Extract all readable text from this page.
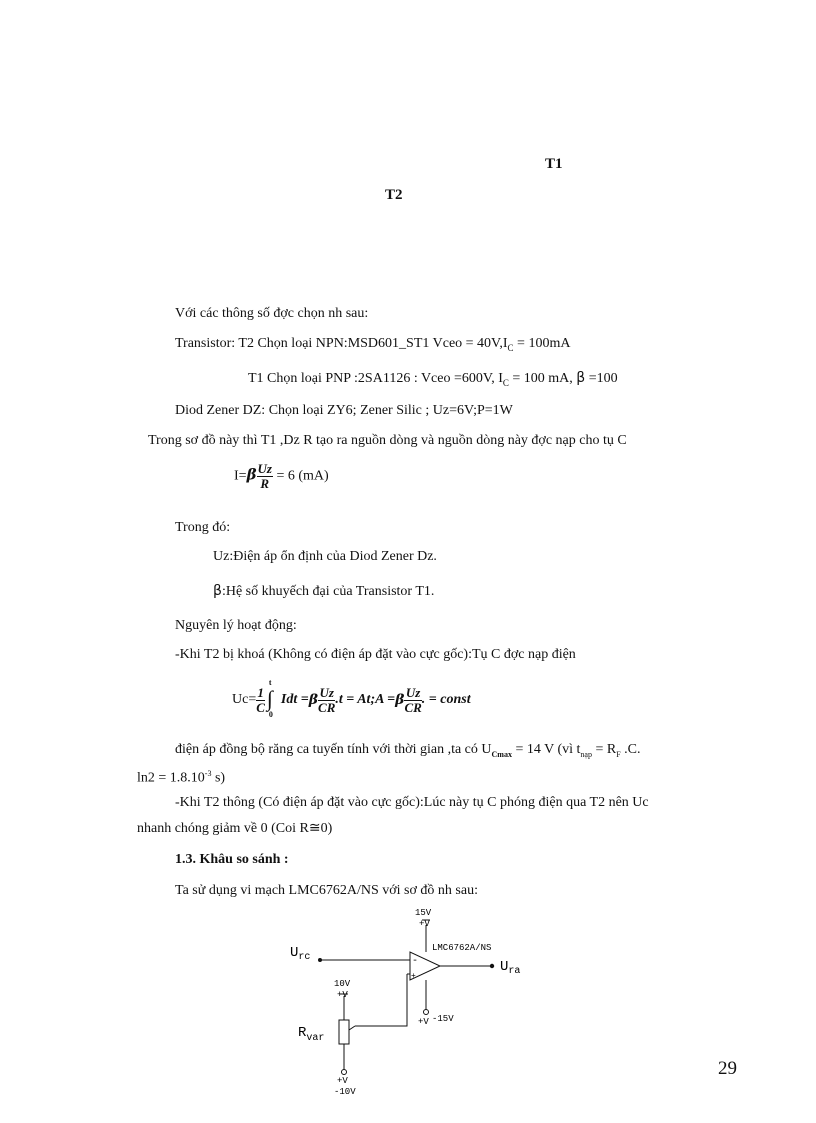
T1
T2
Với các thông số đợc chọn nh sau:
Transistor: T2 Chọn loại NPN:MSD601_ST1 Vceo = $40V,I_C = 100mA$
T1 Chọn loại PNP :2SA1126 : Vceo =600V, $I_C = 100$ mA, β =100
Diod Zener DZ: Chọn loại ZY6; Zener Silic ; Uz=6V;P=1W
Trong sơ đồ này thì T1 ,Dz R tạo ra nguồn dòng và nguồn dòng này đợc nạp cho tụ C
$I=\beta \frac{Uz}{R} = 6$ (mA)
Trong đó:
Uz:Điện áp ổn định của Diod Zener Dz.
β:Hệ số khuyếch đại của Transistor T1.
Nguyên lý hoạt động:
-Khi T2 bị khoá (Không có điện áp đặt vào cực gốc):Tụ C đợc nạp điện
$Uc= \frac{1}{C}$
t
∫
0
Idt $=\beta \frac{Uz}{CR} .t$ = At;A $=\beta \frac{Uz}{CR}$ . = const
điện áp đồng bộ răng ca tuyến tính với thời gian ,ta có $U_{Cmax} = 14$ V (vì $t_{nạp} = R_F$ .C.
$\ln 2 = 1.8.10^{-3}$ s)
-Khi T2 thông (Có điện áp đặt vào cực gốc):Lúc này tụ C phóng điện qua T2 nên Uc
nhanh chóng giảm về 0 (Coi R≅0)
1.3. Khâu so sánh :
Ta sử dụng vi mạch LMC6762A/NS với sơ đồ nh sau:
15V
+V
LMC6762A/NS
-
+
$U_{rc}$
$U_{ra}$
10V
+V
+V -15V
$R_{var}$
+V
-10V
29
